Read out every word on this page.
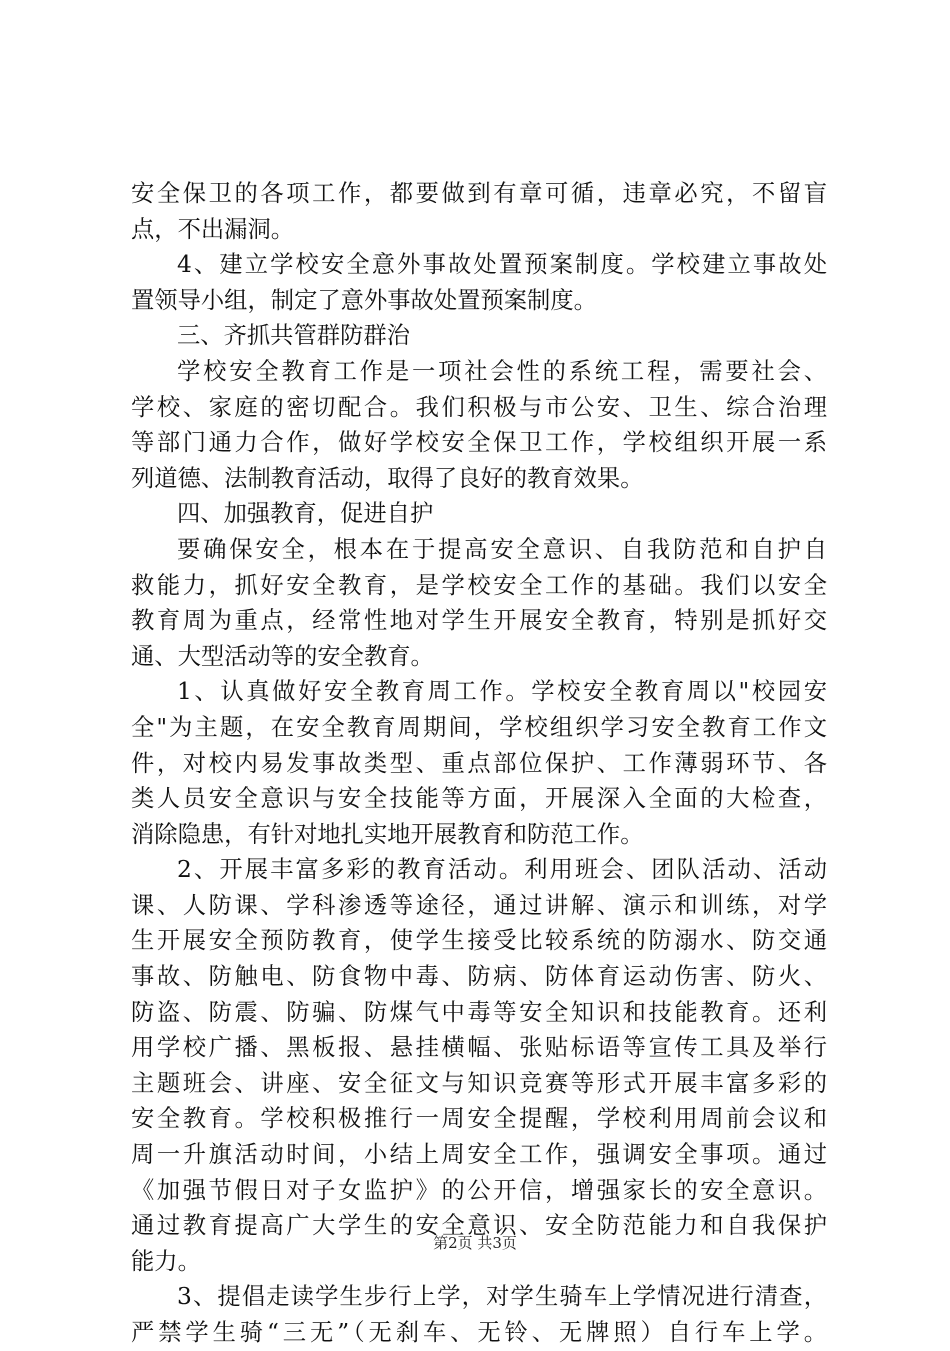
安全保卫的各项工作，都要做到有章可循，违章必究，不留盲
点，不出漏洞。
4、建立学校安全意外事故处置预案制度。学校建立事故处
置领导小组，制定了意外事故处置预案制度。
三、齐抓共管群防群治
学校安全教育工作是一项社会性的系统工程，需要社会、
学校、家庭的密切配合。我们积极与市公安、卫生、综合治理
等部门通力合作，做好学校安全保卫工作，学校组织开展一系
列道德、法制教育活动，取得了良好的教育效果。
四、加强教育，促进自护
要确保安全，根本在于提高安全意识、自我防范和自护自
救能力，抓好安全教育，是学校安全工作的基础。我们以安全
教育周为重点，经常性地对学生开展安全教育，特别是抓好交
通、大型活动等的安全教育。
1、认真做好安全教育周工作。学校安全教育周以"校园安
全"为主题，在安全教育周期间，学校组织学习安全教育工作文
件，对校内易发事故类型、重点部位保护、工作薄弱环节、各
类人员安全意识与安全技能等方面，开展深入全面的大检查，
消除隐患，有针对地扎实地开展教育和防范工作。
2、开展丰富多彩的教育活动。利用班会、团队活动、活动
课、人防课、学科渗透等途径，通过讲解、演示和训练，对学
生开展安全预防教育，使学生接受比较系统的防溺水、防交通
事故、防触电、防食物中毒、防病、防体育运动伤害、防火、
防盗、防震、防骗、防煤气中毒等安全知识和技能教育。还利
用学校广播、黑板报、悬挂横幅、张贴标语等宣传工具及举行
主题班会、讲座、安全征文与知识竞赛等形式开展丰富多彩的
安全教育。学校积极推行一周安全提醒，学校利用周前会议和
周一升旗活动时间，小结上周安全工作，强调安全事项。通过
《加强节假日对子女监护》的公开信，增强家长的安全意识。
通过教育提高广大学生的安全意识、安全防范能力和自我保护
能力。
3、提倡走读学生步行上学，对学生骑车上学情况进行清查，
严禁学生骑“三无”（无刹车、无铃、无牌照）自行车上学。
第2页 共3页
